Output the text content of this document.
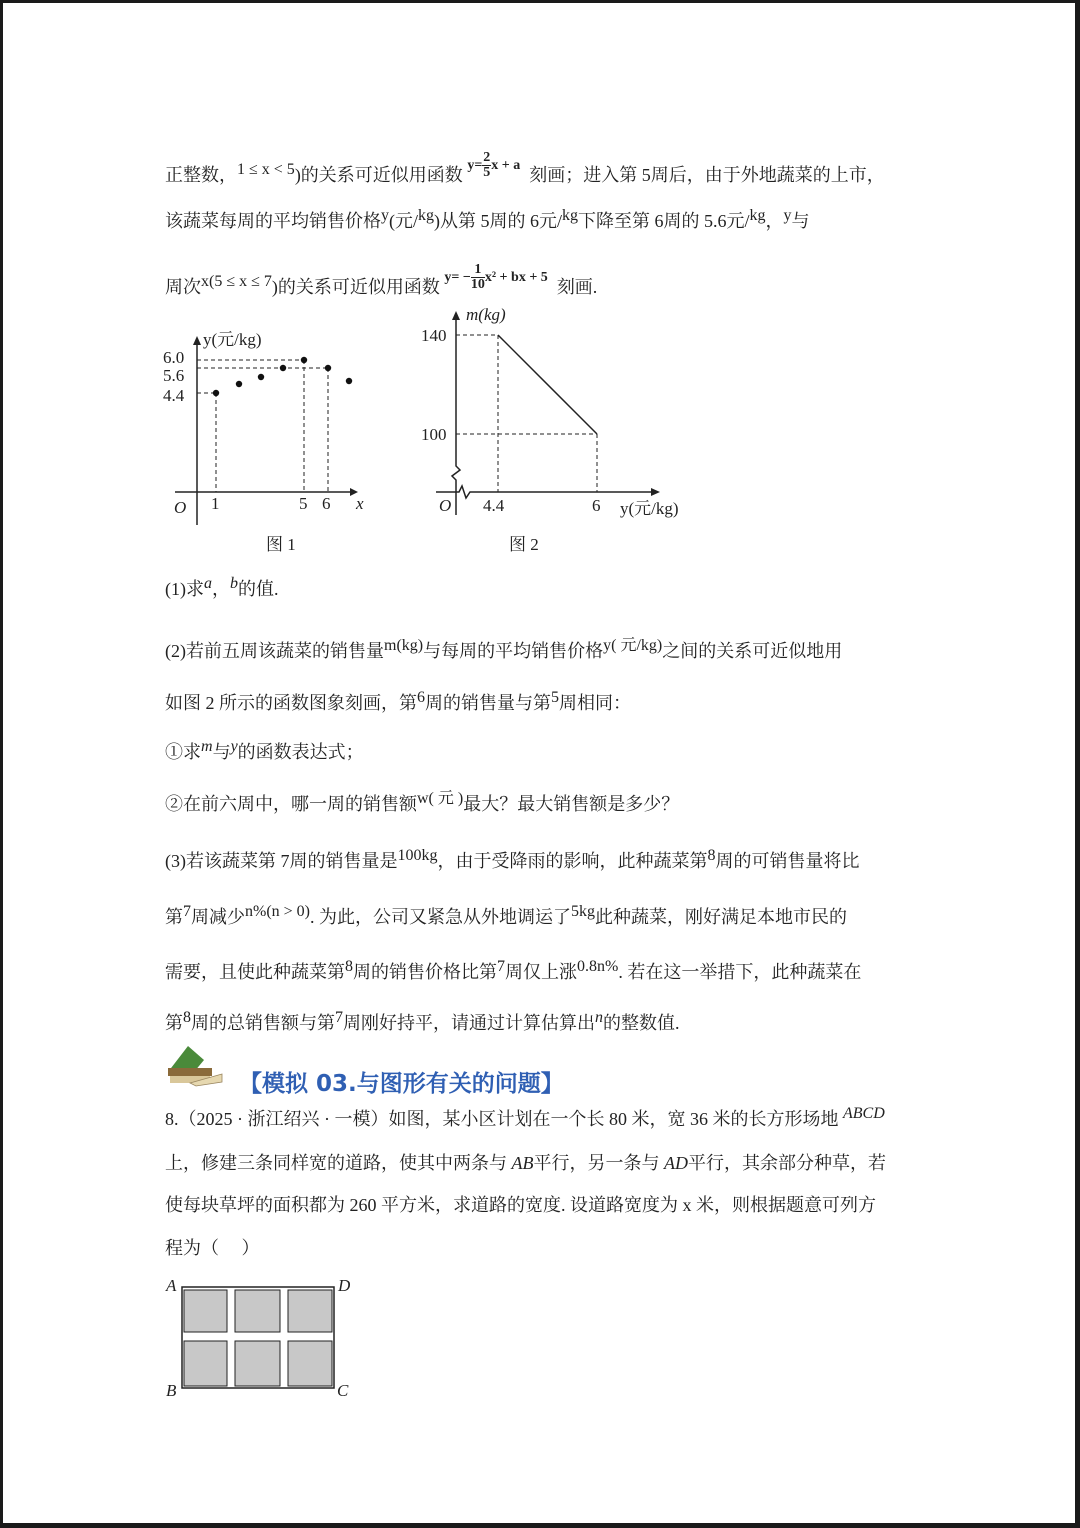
正整数，1 ≤ x < 5)的关系可近似用函数 $^{y= \frac{2}{5} x + a}$ 刻画；进入第 5周后，由于外地蔬菜的上市，
该蔬菜每周的平均销售价格y(元/kg)从第 5周的 6元/kg下降至第 6周的 5.6元/kg，y与
周次x(5 ≤ x ≤ 7)的关系可近似用函数 $^{y= - \frac{1}{10} x^2 + bx + 5}$ 刻画.
y(元/kg)
6.0
5.6
4.4
O 1	5 6 x
图 1
m(kg)
140
100
O 4.4	6 y(元/kg)
图 2
A	D
B	C
(1)求a，b的值.
(2)若前五周该蔬菜的销售量m(kg)与每周的平均销售价格y( 元/kg)之间的关系可近似地用
如图 2 所示的函数图象刻画，第6周的销售量与第5周相同：
①求m与y的函数表达式；
②在前六周中，哪一周的销售额w( 元 )最大？最大销售额是多少？
(3)若该蔬菜第 7周的销售量是100kg，由于受降雨的影响，此种蔬菜第8周的可销售量将比
第7周减少n%(n > 0). 为此，公司又紧急从外地调运了5kg此种蔬菜，刚好满足本地市民的
需要，且使此种蔬菜第8周的销售价格比第7周仅上涨0.8n%. 若在这一举措下，此种蔬菜在
第8周的总销售额与第7周刚好持平，请通过计算估算出n的整数值.
【模拟 03.与图形有关的问题】
8.（2025 · 浙江绍兴 · 一模）如图，某小区计划在一个长 80 米，宽 36 米的长方形场地 ABCD
上，修建三条同样宽的道路，使其中两条与 AB平行，另一条与 AD平行，其余部分种草，若
使每块草坪的面积都为 260 平方米，求道路的宽度. 设道路宽度为 x 米，则根据题意可列方
程为（　 ）
